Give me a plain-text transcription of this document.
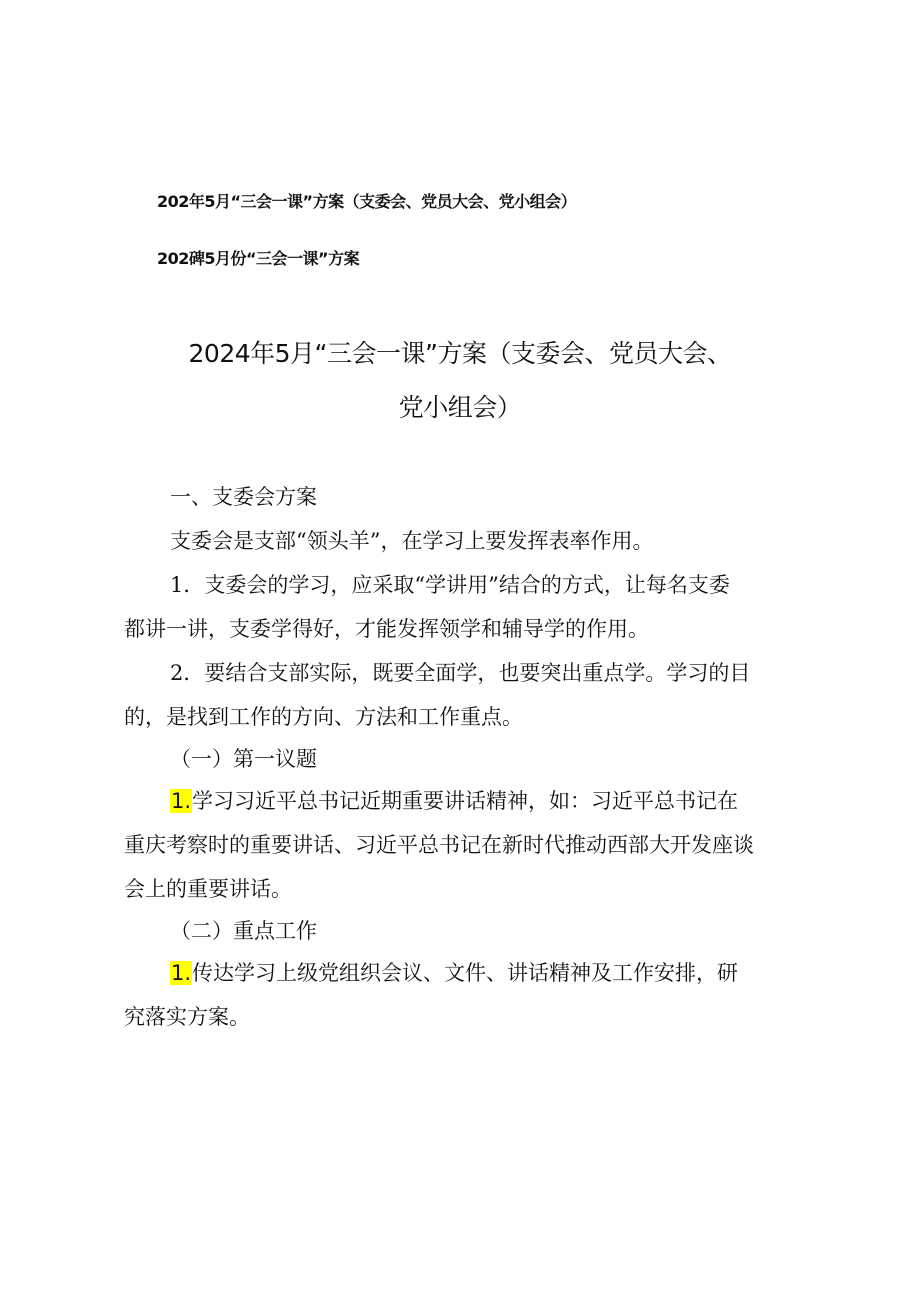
202年5月“三会一课”方案（支委会、党员大会、党小组会）
202碑5月份“三会一课”方案
2024年5月“三会一课”方案（支委会、党员大会、
党小组会）
一、支委会方案
支委会是支部“领头羊”，在学习上要发挥表率作用。
1．支委会的学习，应采取“学讲用”结合的方式，让每名支委
都讲一讲，支委学得好，才能发挥领学和辅导学的作用。
2．要结合支部实际，既要全面学，也要突出重点学。学习的目
的，是找到工作的方向、方法和工作重点。
（一）第一议题
1.学习习近平总书记近期重要讲话精神，如：习近平总书记在
重庆考察时的重要讲话、习近平总书记在新时代推动西部大开发座谈
会上的重要讲话。
（二）重点工作
1.传达学习上级党组织会议、文件、讲话精神及工作安排，研
究落实方案。
